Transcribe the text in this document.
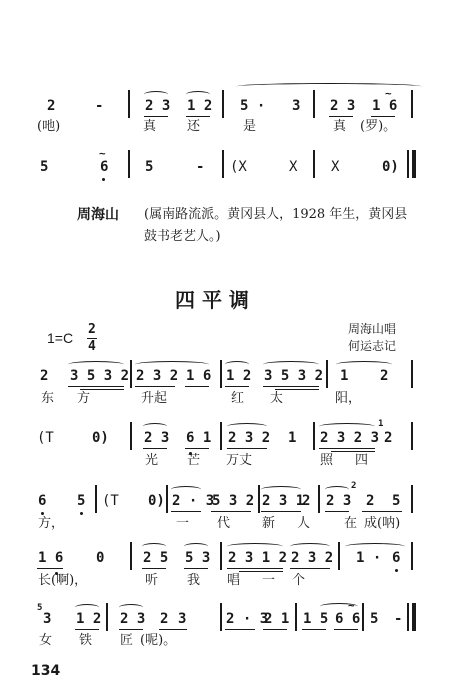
2	-	2 3 1 2 5 · 3 2 3 1 6
~
(吔)	真 还	是	真 (罗)。
5	6
~
5	- (X	X X	0)
周海山 (属南路流派。黄冈县人，1928 年生，黄冈县鼓书老艺人。)
四 平 调
1=C
2
4
周海山唱
何运志记
2 3 5 3 2 2 3 2 1 6 1 2 3 5 3 2 1 2
东 方	升起	红 太	阳，
(T	0)	2 3 6 1 2 3 2 1 2 3 2 3 2
1
光 芒 万丈	照 四
6 5 (T 0) 2 · 3
5 3 2 2 3 1
2 2 3
2
2 5
方，	一 代 新 人	在 成(呐)
1 6 0	2 5 5 3 2 3 1 2 2 3 2 1 · 6
长(啊)，	听 我 唱 一 个
5
3 1 2 2 3 2 3	2 · 3
2 1 1 5 6 6
~
5 -
女 铁 匠 (呢)。
134
